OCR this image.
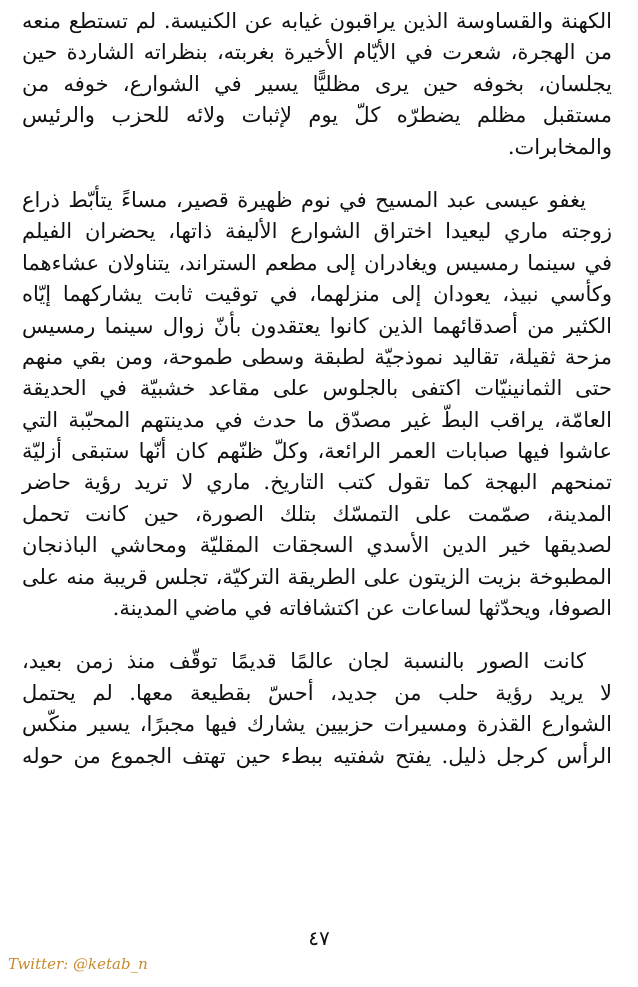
الكهنة والقساوسة الذين يراقبون غيابه عن الكنيسة. لم تستطع منعه
من الهجرة، شعرت في الأيّام الأخيرة بغربته، بنظراته الشاردة حين
يجلسان، بخوفه حين يرى مظليًّا يسير في الشوارع، خوفه من
مستقبل مظلم يضطرّه كلّ يوم لإثبات ولائه للحزب والرئيس
والمخابرات.
يغفو عيسى عبد المسيح في نوم ظهيرة قصير، مساءً يتأبّط ذراع
زوجته ماري ليعيدا اختراق الشوارع الأليفة ذاتها، يحضران الفيلم
في سينما رمسيس ويغادران إلى مطعم الستراند، يتناولان عشاءهما
وكأسي نبيذ، يعودان إلى منزلهما، في توقيت ثابت يشاركهما إيّاه
الكثير من أصدقائهما الذين كانوا يعتقدون بأنّ زوال سينما رمسيس
مزحة ثقيلة، تقاليد نموذجيّة لطبقة وسطى طموحة، ومن بقي منهم
حتى الثمانينيّات اكتفى بالجلوس على مقاعد خشبيّة في الحديقة
العامّة، يراقب البطّ غير مصدّق ما حدث في مدينتهم المحبّبة التي
عاشوا فيها صبابات العمر الرائعة، وكلّ ظنّهم كان أنّها ستبقى أزليّة
تمنحهم البهجة كما تقول كتب التاريخ. ماري لا تريد رؤية حاضر
المدينة، صمّمت على التمسّك بتلك الصورة، حين كانت تحمل
لصديقها خير الدين الأسدي السجقات المقليّة ومحاشي الباذنجان
المطبوخة بزيت الزيتون على الطريقة التركيّة، تجلس قريبة منه على
الصوفا، ويحدّثها لساعات عن اكتشافاته في ماضي المدينة.
كانت الصور بالنسبة لجان عالمًا قديمًا توقّف منذ زمن بعيد،
لا يريد رؤية حلب من جديد، أحسّ بقطيعة معها. لم يحتمل
الشوارع القذرة ومسيرات حزبيين يشارك فيها مجبرًا، يسير منكّس
الرأس كرجل ذليل. يفتح شفتيه ببطء حين تهتف الجموع من حوله
٤٧
Twitter: @ketab_n
